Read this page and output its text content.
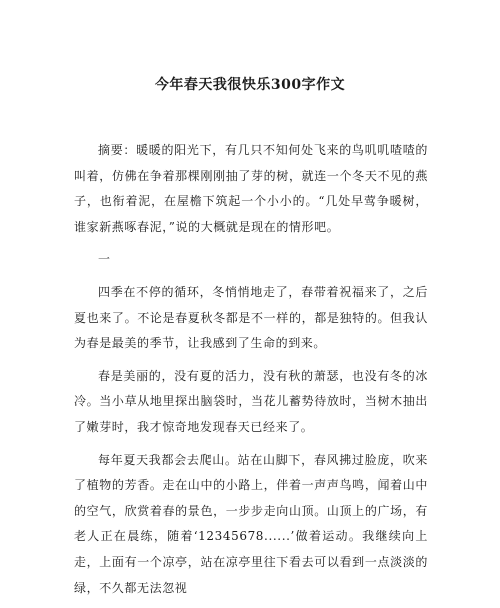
今年春天我很快乐300字作文

摘要：暖暖的阳光下，有几只不知何处飞来的鸟叽叽喳喳的叫着，仿佛在争着那棵刚刚抽了芽的树，就连一个冬天不见的燕子，也衔着泥，在屋檐下筑起一个小小的。“几处早莺争暖树，谁家新燕啄春泥，”说的大概就是现在的情形吧。

一

四季在不停的循环，冬悄悄地走了，春带着祝福来了，之后夏也来了。不论是春夏秋冬都是不一样的，都是独特的。但我认为春是最美的季节，让我感到了生命的到来。

春是美丽的，没有夏的活力，没有秋的萧瑟，也没有冬的冰冷。当小草从地里探出脑袋时，当花儿蓄势待放时，当树木抽出了嫩芽时，我才惊奇地发现春天已经来了。

每年夏天我都会去爬山。站在山脚下，春风拂过脸庞，吹来了植物的芳香。走在山中的小路上，伴着一声声鸟鸣，闻着山中的空气，欣赏着春的景色，一步步走向山顶。山顶上的广场，有老人正在晨练，随着‘12345678......’做着运动。我继续向上走，上面有一个凉亭，站在凉亭里往下看去可以看到一点淡淡的绿，不久都无法忽视
